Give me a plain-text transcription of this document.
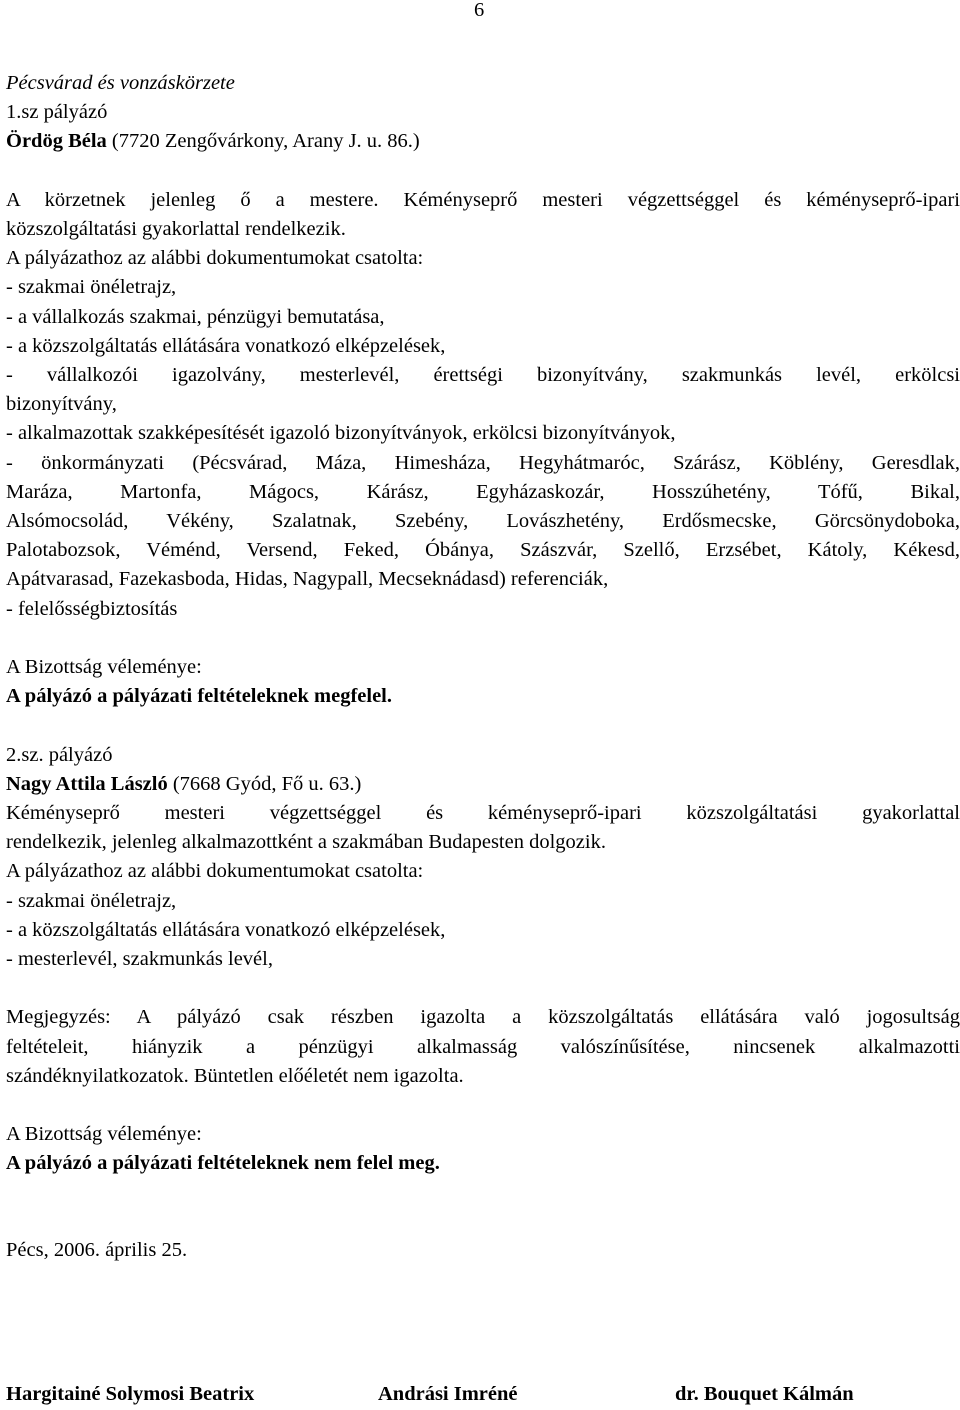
6

Pécsvárad és vonzáskörzete

1.sz pályázó

Ördög Béla (7720 Zengővárkony, Arany J. u. 86.)

A körzetnek jelenleg ő a mestere. Kéményseprő mesteri végzettséggel és kéményseprő-ipari

közszolgáltatási gyakorlattal rendelkezik.

A pályázathoz az alábbi dokumentumokat csatolta:

- szakmai önéletrajz,

- a vállalkozás szakmai, pénzügyi bemutatása,

- a közszolgáltatás ellátására vonatkozó elképzelések,

- vállalkozói igazolvány, mesterlevél, érettségi bizonyítvány, szakmunkás levél, erkölcsi

bizonyítvány,

- alkalmazottak szakképesítését igazoló bizonyítványok, erkölcsi bizonyítványok,

- önkormányzati (Pécsvárad, Máza, Himesháza, Hegyhátmaróc, Szárász, Köblény, Geresdlak,

Maráza, Martonfa, Mágocs, Kárász, Egyházaskozár, Hosszúhetény, Tófű, Bikal,

Alsómocsolád, Vékény, Szalatnak, Szebény, Lovászhetény, Erdősmecske, Görcsönydoboka,

Palotabozsok, Véménd, Versend, Feked, Óbánya, Szászvár, Szellő, Erzsébet, Kátoly, Kékesd,

Apátvarasad, Fazekasboda, Hidas, Nagypall, Mecseknádasd) referenciák,

- felelősségbiztosítás

A Bizottság véleménye:

A pályázó a pályázati feltételeknek megfelel.

2.sz. pályázó

Nagy Attila László (7668 Gyód, Fő u. 63.)

Kéményseprő mesteri végzettséggel és kéményseprő-ipari közszolgáltatási gyakorlattal

rendelkezik, jelenleg alkalmazottként a szakmában Budapesten dolgozik.

A pályázathoz az alábbi dokumentumokat csatolta:

- szakmai önéletrajz,

- a közszolgáltatás ellátására vonatkozó elképzelések,

- mesterlevél, szakmunkás levél,

Megjegyzés: A pályázó csak részben igazolta a közszolgáltatás ellátására való jogosultság

feltételeit, hiányzik a pénzügyi alkalmasság valószínűsítése, nincsenek alkalmazotti

szándéknyilatkozatok. Büntetlen előéletét nem igazolta.

A Bizottság véleménye:

A pályázó a pályázati feltételeknek nem felel meg.

Pécs, 2006. április 25.

Hargitainé Solymosi Beatrix	Andrási Imréné	dr. Bouquet Kálmán
